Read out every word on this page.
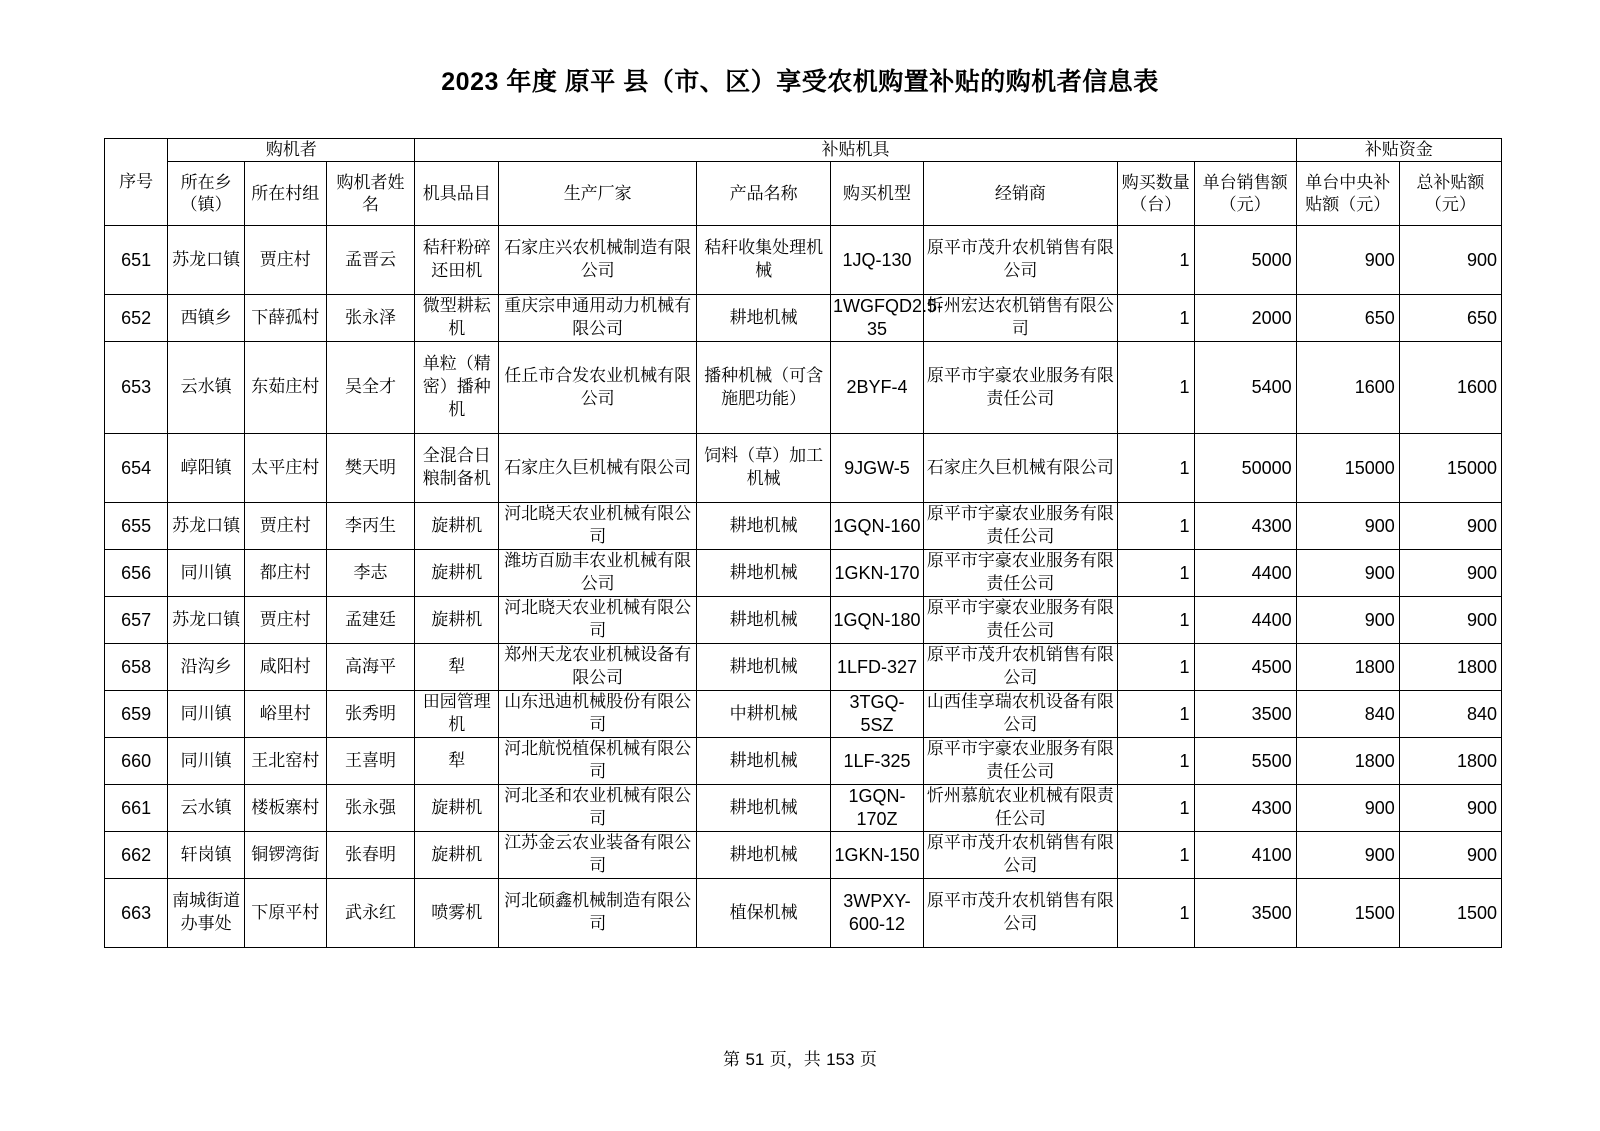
2023 年度 原平 县（市、区）享受农机购置补贴的购机者信息表
序号	购机者			补贴机具							补贴资金	
	所在乡（镇）	所在村组	购机者姓名	机具品目	生产厂家	产品名称	购买机型	经销商	购买数量（台）	单台销售额（元）	单台中央补贴额（元）	总补贴额（元）
651	苏龙口镇	贾庄村	孟晋云	秸秆粉碎还田机	石家庄兴农机械制造有限公司	秸秆收集处理机械	1JQ-130	原平市茂升农机销售有限公司	1	5000	900	900
652	西镇乡	下薛孤村	张永泽	微型耕耘机	重庆宗申通用动力机械有限公司	耕地机械	1WGFQD2.5-35	忻州宏达农机销售有限公司	1	2000	650	650
653	云水镇	东茹庄村	吴全才	单粒（精密）播种机	任丘市合发农业机械有限公司	播种机械（可含施肥功能）	2BYF-4	原平市宇豪农业服务有限责任公司	1	5400	1600	1600
654	崞阳镇	太平庄村	樊天明	全混合日粮制备机	石家庄久巨机械有限公司	饲料（草）加工机械	9JGW-5	石家庄久巨机械有限公司	1	50000	15000	15000
655	苏龙口镇	贾庄村	李丙生	旋耕机	河北晓天农业机械有限公司	耕地机械	1GQN-160	原平市宇豪农业服务有限责任公司	1	4300	900	900
656	同川镇	都庄村	李志	旋耕机	潍坊百励丰农业机械有限公司	耕地机械	1GKN-170	原平市宇豪农业服务有限责任公司	1	4400	900	900
657	苏龙口镇	贾庄村	孟建廷	旋耕机	河北晓天农业机械有限公司	耕地机械	1GQN-180	原平市宇豪农业服务有限责任公司	1	4400	900	900
658	沿沟乡	咸阳村	高海平	犁	郑州天龙农业机械设备有限公司	耕地机械	1LFD-327	原平市茂升农机销售有限公司	1	4500	1800	1800
659	同川镇	峪里村	张秀明	田园管理机	山东迅迪机械股份有限公司	中耕机械	3TGQ-5SZ	山西佳享瑞农机设备有限公司	1	3500	840	840
660	同川镇	王北窑村	王喜明	犁	河北航悦植保机械有限公司	耕地机械	1LF-325	原平市宇豪农业服务有限责任公司	1	5500	1800	1800
661	云水镇	楼板寨村	张永强	旋耕机	河北圣和农业机械有限公司	耕地机械	1GQN-170Z	忻州慕航农业机械有限责任公司	1	4300	900	900
662	轩岗镇	铜锣湾街	张春明	旋耕机	江苏金云农业装备有限公司	耕地机械	1GKN-150	原平市茂升农机销售有限公司	1	4100	900	900
663	南城街道办事处	下原平村	武永红	喷雾机	河北硕鑫机械制造有限公司	植保机械	3WPXY-600-12	原平市茂升农机销售有限公司	1	3500	1500	1500
第 51 页，共 153 页
